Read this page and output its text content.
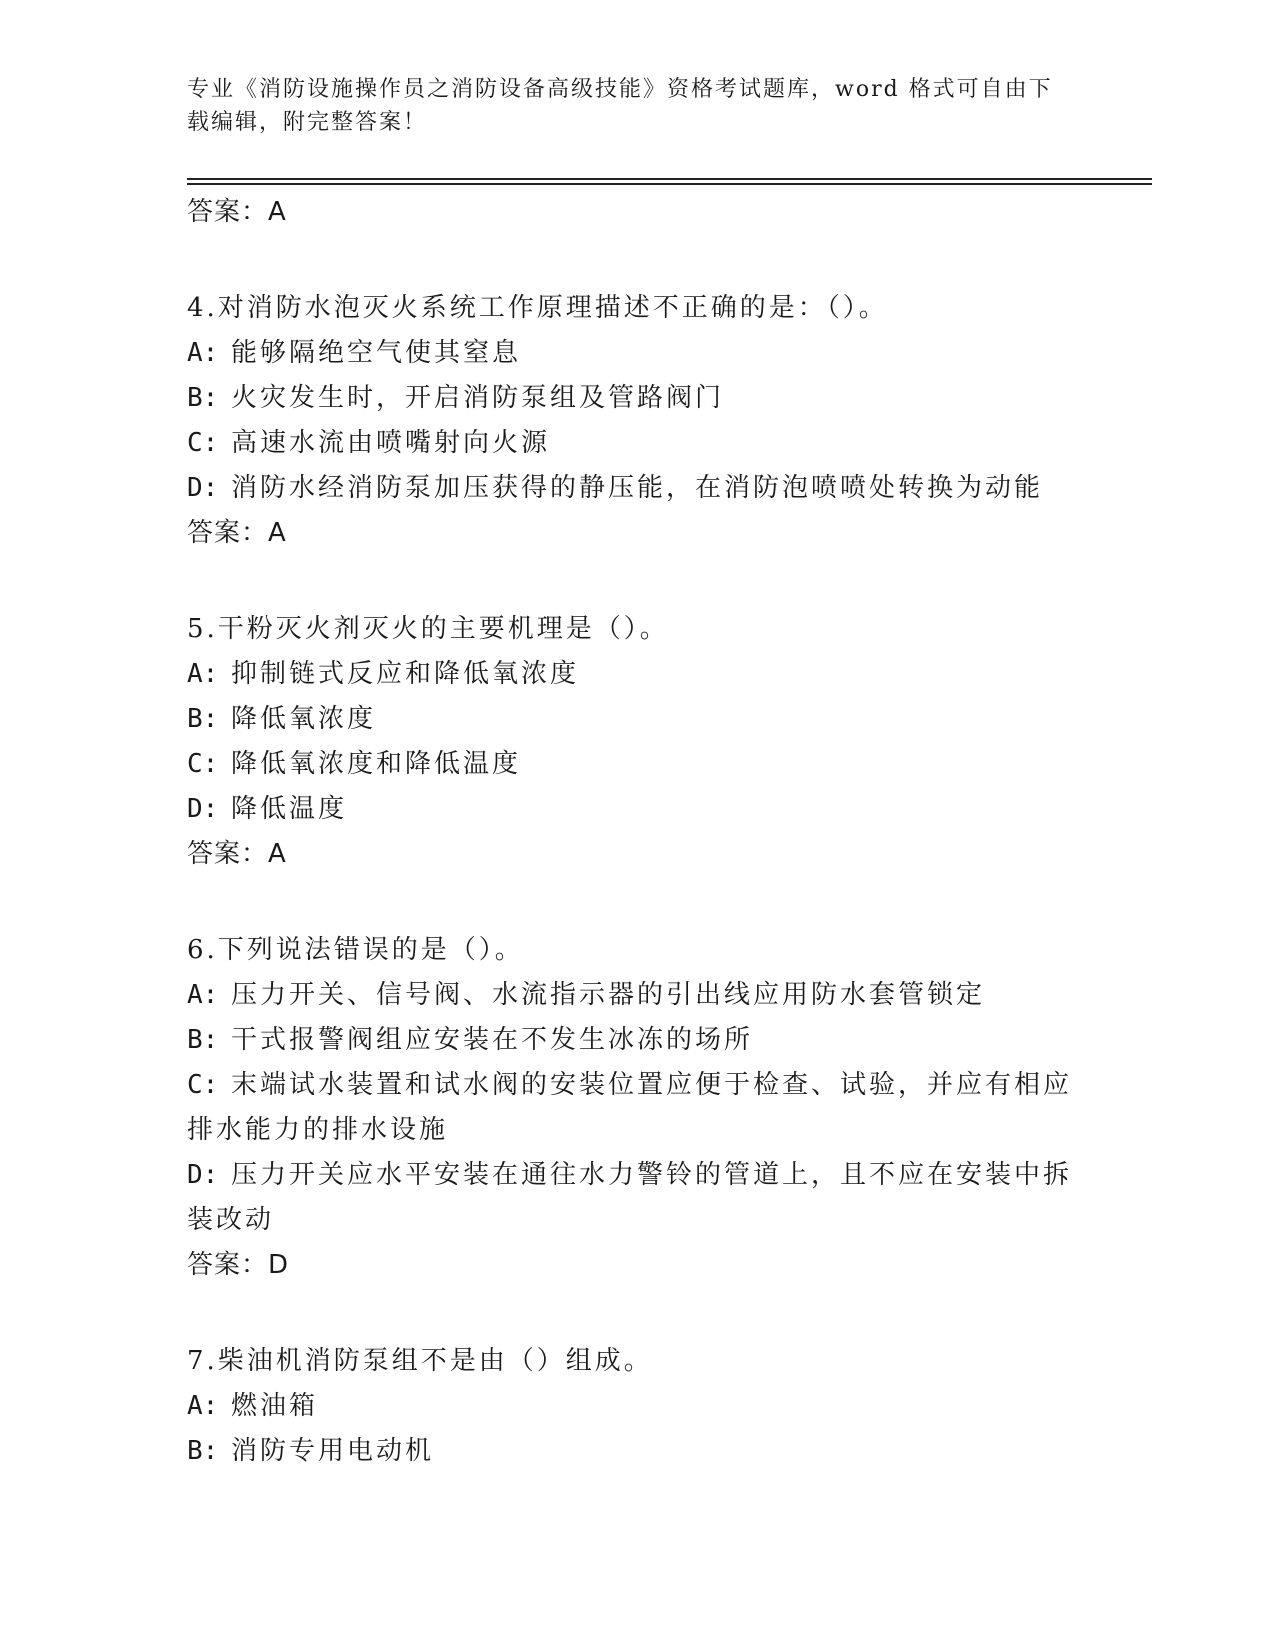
专业《消防设施操作员之消防设备高级技能》资格考试题库，word 格式可自由下
载编辑，附完整答案！
答案：A
4.对消防水泡灭火系统工作原理描述不正确的是：（）。
A: 能够隔绝空气使其窒息
B: 火灾发生时，开启消防泵组及管路阀门
C: 高速水流由喷嘴射向火源
D: 消防水经消防泵加压获得的静压能，在消防泡喷喷处转换为动能
答案：A
5.干粉灭火剂灭火的主要机理是（）。
A: 抑制链式反应和降低氧浓度
B: 降低氧浓度
C: 降低氧浓度和降低温度
D: 降低温度
答案：A
6.下列说法错误的是（）。
A: 压力开关、信号阀、水流指示器的引出线应用防水套管锁定
B: 干式报警阀组应安装在不发生冰冻的场所
C: 末端试水装置和试水阀的安装位置应便于检查、试验，并应有相应
排水能力的排水设施
D: 压力开关应水平安装在通往水力警铃的管道上，且不应在安装中拆
装改动
答案：D
7.柴油机消防泵组不是由（）组成。
A: 燃油箱
B: 消防专用电动机
